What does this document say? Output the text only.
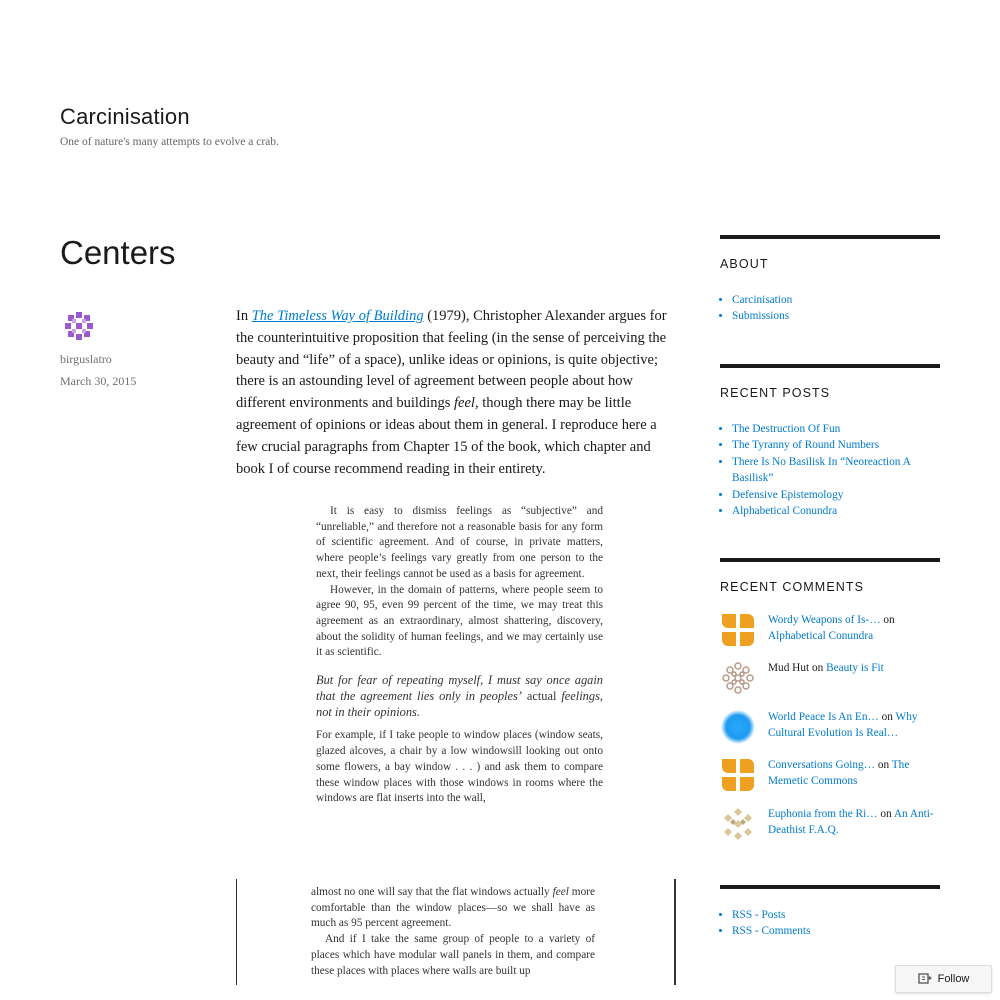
Carcinisation
One of nature's many attempts to evolve a crab.
Centers
birguslatro
March 30, 2015
In The Timeless Way of Building (1979), Christopher Alexander argues for the counterintuitive proposition that feeling (in the sense of perceiving the beauty and “life” of a space), unlike ideas or opinions, is quite objective; there is an astounding level of agreement between people about how different environments and buildings feel, though there may be little agreement of opinions or ideas about them in general. I reproduce here a few crucial paragraphs from Chapter 15 of the book, which chapter and book I of course recommend reading in their entirety.

It is easy to dismiss feelings as “subjective” and “unreliable,” and therefore not a reasonable basis for any form of scientific agreement. And of course, in private matters, where people’s feelings vary greatly from one person to the next, their feelings cannot be used as a basis for agreement.

However, in the domain of patterns, where people seem to agree 90, 95, even 99 percent of the time, we may treat this agreement as an extraordinary, almost shattering, discovery, about the solidity of human feelings, and we may certainly use it as scientific.

But for fear of repeating myself, I must say once again that the agreement lies only in peoples’ actual feelings, not in their opinions.

For example, if I take people to window places (window seats, glazed alcoves, a chair by a low windowsill looking out onto some flowers, a bay window . . . ) and ask them to compare these window places with those windows in rooms where the windows are flat inserts into the wall,

almost no one will say that the flat windows actually feel more comfortable than the window places—so we shall have as much as 95 percent agreement.

And if I take the same group of people to a variety of places which have modular wall panels in them, and compare these places with places where walls are built up

ABOUT
• Carcinisation
• Submissions
RECENT POSTS
• The Destruction Of Fun
• The Tyranny of Round Numbers
• There Is No Basilisk In “Neoreaction A Basilisk”
• Defensive Epistemology
• Alphabetical Conundra
RECENT COMMENTS
Wordy Weapons of Is-… on Alphabetical Conundra
Mud Hut on Beauty is Fit
World Peace Is An En… on Why Cultural Evolution Is Real…
Conversations Going… on The Memetic Commons
Euphonia from the Ri… on An Anti-Deathist F.A.Q.
• RSS - Posts
• RSS - Comments
Follow
